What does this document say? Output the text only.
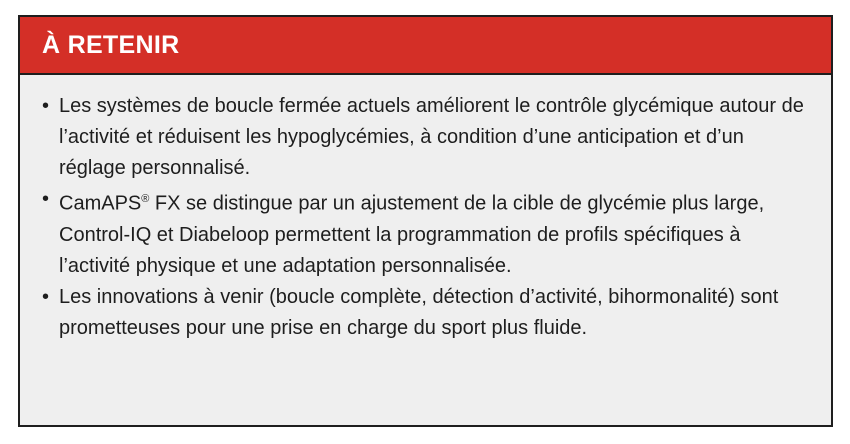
À RETENIR
• Les systèmes de boucle fermée actuels améliorent le contrôle glycémique autour de l’activité et réduisent les hypoglycémies, à condition d’une anticipation et d’un réglage personnalisé.
• CamAPS® FX se distingue par un ajustement de la cible de glycémie plus large, Control-IQ et Diabeloop permettent la programmation de profils spécifiques à l’activité physique et une adaptation personnalisée.
• Les innovations à venir (boucle complète, détection d’activité, bihormonalité) sont prometteuses pour une prise en charge du sport plus fluide.
